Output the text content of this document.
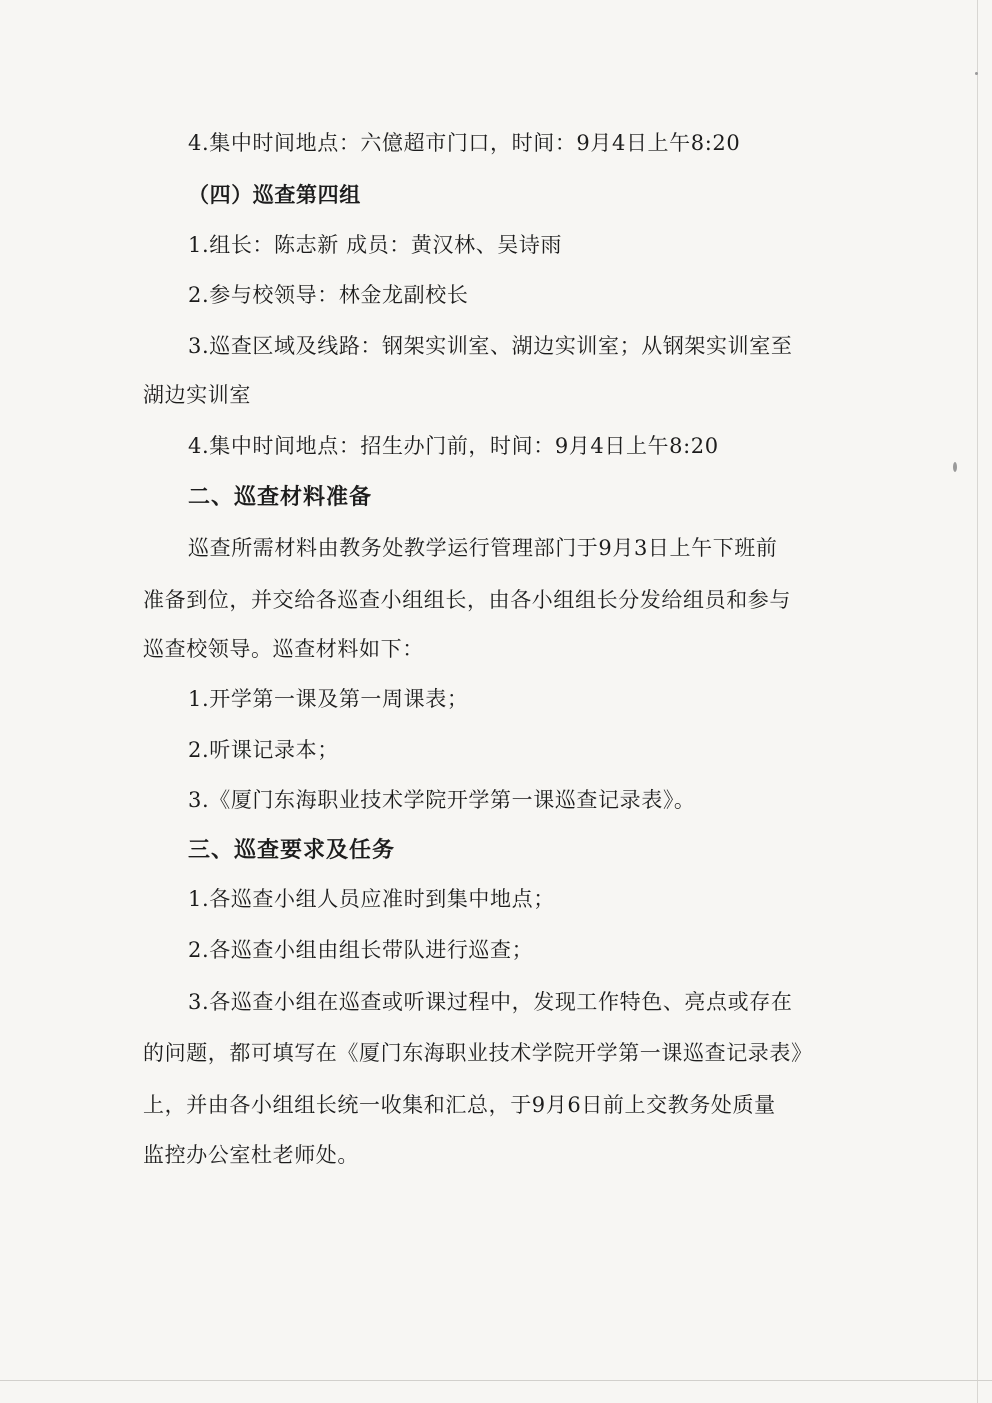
4.集中时间地点：六億超市门口，时间：9月4日上午8:20
（四）巡查第四组
1.组长：陈志新 成员：黄汉林、吴诗雨
2.参与校领导：林金龙副校长
3.巡查区域及线路：钢架实训室、湖边实训室；从钢架实训室至
湖边实训室
4.集中时间地点：招生办门前，时间：9月4日上午8:20
二、巡查材料准备
巡查所需材料由教务处教学运行管理部门于9月3日上午下班前
准备到位，并交给各巡查小组组长，由各小组组长分发给组员和参与
巡查校领导。巡查材料如下：
1.开学第一课及第一周课表；
2.听课记录本；
3.《厦门东海职业技术学院开学第一课巡查记录表》。
三、巡查要求及任务
1.各巡查小组人员应准时到集中地点；
2.各巡查小组由组长带队进行巡查；
3.各巡查小组在巡查或听课过程中，发现工作特色、亮点或存在
的问题，都可填写在《厦门东海职业技术学院开学第一课巡查记录表》
上，并由各小组组长统一收集和汇总，于9月6日前上交教务处质量
监控办公室杜老师处。
